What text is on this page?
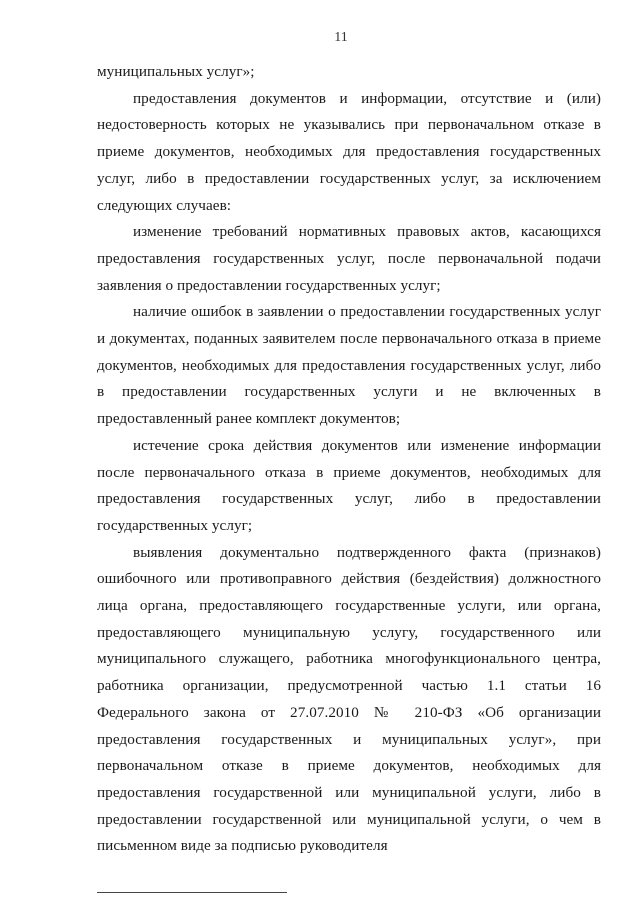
11

муниципальных услуг»;

предоставления документов и информации, отсутствие и (или) недостоверность которых не указывались при первоначальном отказе в приеме документов, необходимых для предоставления государственных услуг, либо в предоставлении государственных услуг, за исключением следующих случаев:

изменение требований нормативных правовых актов, касающихся предоставления государственных услуг, после первоначальной подачи заявления о предоставлении государственных услуг;

наличие ошибок в заявлении о предоставлении государственных услуг и документах, поданных заявителем после первоначального отказа в приеме документов, необходимых для предоставления государственных услуг, либо в предоставлении государственных услуги и не включенных в предоставленный ранее комплект документов;

истечение срока действия документов или изменение информации после первоначального отказа в приеме документов, необходимых для предоставления государственных услуг, либо в предоставлении государственных услуг;

выявления документально подтвержденного факта (признаков) ошибочного или противоправного действия (бездействия) должностного лица органа, предоставляющего государственные услуги, или органа, предоставляющего муниципальную услугу, государственного или муниципального служащего, работника многофункционального центра, работника организации, предусмотренной частью 1.1 статьи 16 Федерального закона от 27.07.2010 № 210-ФЗ «Об организации предоставления государственных и муниципальных услуг», при первоначальном отказе в приеме документов, необходимых для предоставления государственной или муниципальной услуги, либо в предоставлении государственной или муниципальной услуги, о чем в письменном виде за подписью руководителя
